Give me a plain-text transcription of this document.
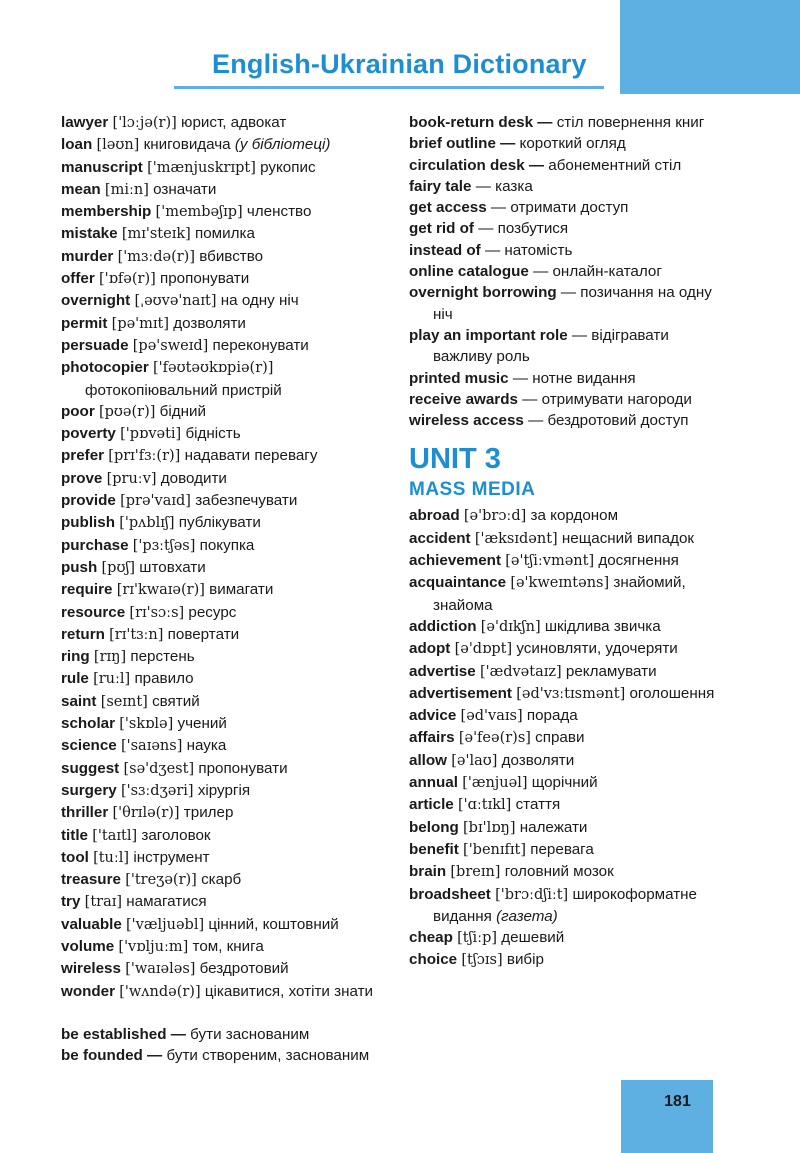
English-Ukrainian Dictionary
lawyer ['lɔːjə(r)] юрист, адвокат
loan [ləʊn] книговидача (у бібліотеці)
manuscript ['mænjuskrɪpt] рукопис
mean [miːn] означати
membership ['membəʃɪp] членство
mistake [mɪ'steɪk] помилка
murder ['mɜːdə(r)] вбивство
offer ['ɒfə(r)] пропонувати
overnight [ˌəʊvə'naɪt] на одну ніч
permit [pə'mɪt] дозволяти
persuade [pə'sweɪd] переконувати
photocopier ['fəʊtəʊkɒpiə(r)] фотокопіювальний пристрій
poor [pʊə(r)] бідний
poverty ['pɒvəti] бідність
prefer [prɪ'fɜː(r)] надавати перевагу
prove [pruːv] доводити
provide [prə'vaɪd] забезпечувати
publish ['pʌblɪʃ] публікувати
purchase ['pɜːtʃəs] покупка
push [pʊʃ] штовхати
require [rɪ'kwaɪə(r)] вимагати
resource [rɪ'sɔːs] ресурс
return [rɪ'tɜːn] повертати
ring [rɪŋ] перстень
rule [ruːl] правило
saint [seɪnt] святий
scholar ['skɒlə] учений
science ['saɪəns] наука
suggest [sə'dʒest] пропонувати
surgery ['sɜːdʒəri] хірургія
thriller ['θrɪlə(r)] трилер
title ['taɪtl] заголовок
tool [tuːl] інструмент
treasure ['treʒə(r)] скарб
try [traɪ] намагатися
valuable ['væljuəbl] цінний, коштовний
volume ['vɒljuːm] том, книга
wireless ['waɪələs] бездротовий
wonder ['wʌndə(r)] цікавитися, хотіти знати
be established — бути заснованим
be founded — бути створеним, заснованим
book-return desk — стіл повернення книг
brief outline — короткий огляд
circulation desk — абонементний стіл
fairy tale — казка
get access — отримати доступ
get rid of — позбутися
instead of — натомість
online catalogue — онлайн-каталог
overnight borrowing — позичання на одну ніч
play an important role — відігравати важливу роль
printed music — нотне видання
receive awards — отримувати нагороди
wireless access — бездротовий доступ
UNIT 3
MASS MEDIA
abroad [ə'brɔːd] за кордоном
accident ['æksɪdənt] нещасний випадок
achievement [ə'tʃiːvmənt] досягнення
acquaintance [ə'kweɪntəns] знайомий, знайома
addiction [ə'dɪkʃn] шкідлива звичка
adopt [ə'dɒpt] усиновляти, удочеряти
advertise ['ædvətaɪz] рекламувати
advertisement [əd'vɜːtɪsmənt] оголошення
advice [əd'vaɪs] порада
affairs [ə'feə(r)s] справи
allow [ə'laʊ] дозволяти
annual ['ænjuəl] щорічний
article ['ɑːtɪkl] стаття
belong [bɪ'lɒŋ] належати
benefit ['benɪfɪt] перевага
brain [breɪn] головний мозок
broadsheet ['brɔːdʃiːt] широкоформатне видання (газета)
cheap [tʃiːp] дешевий
choice [tʃɔɪs] вибір
181
